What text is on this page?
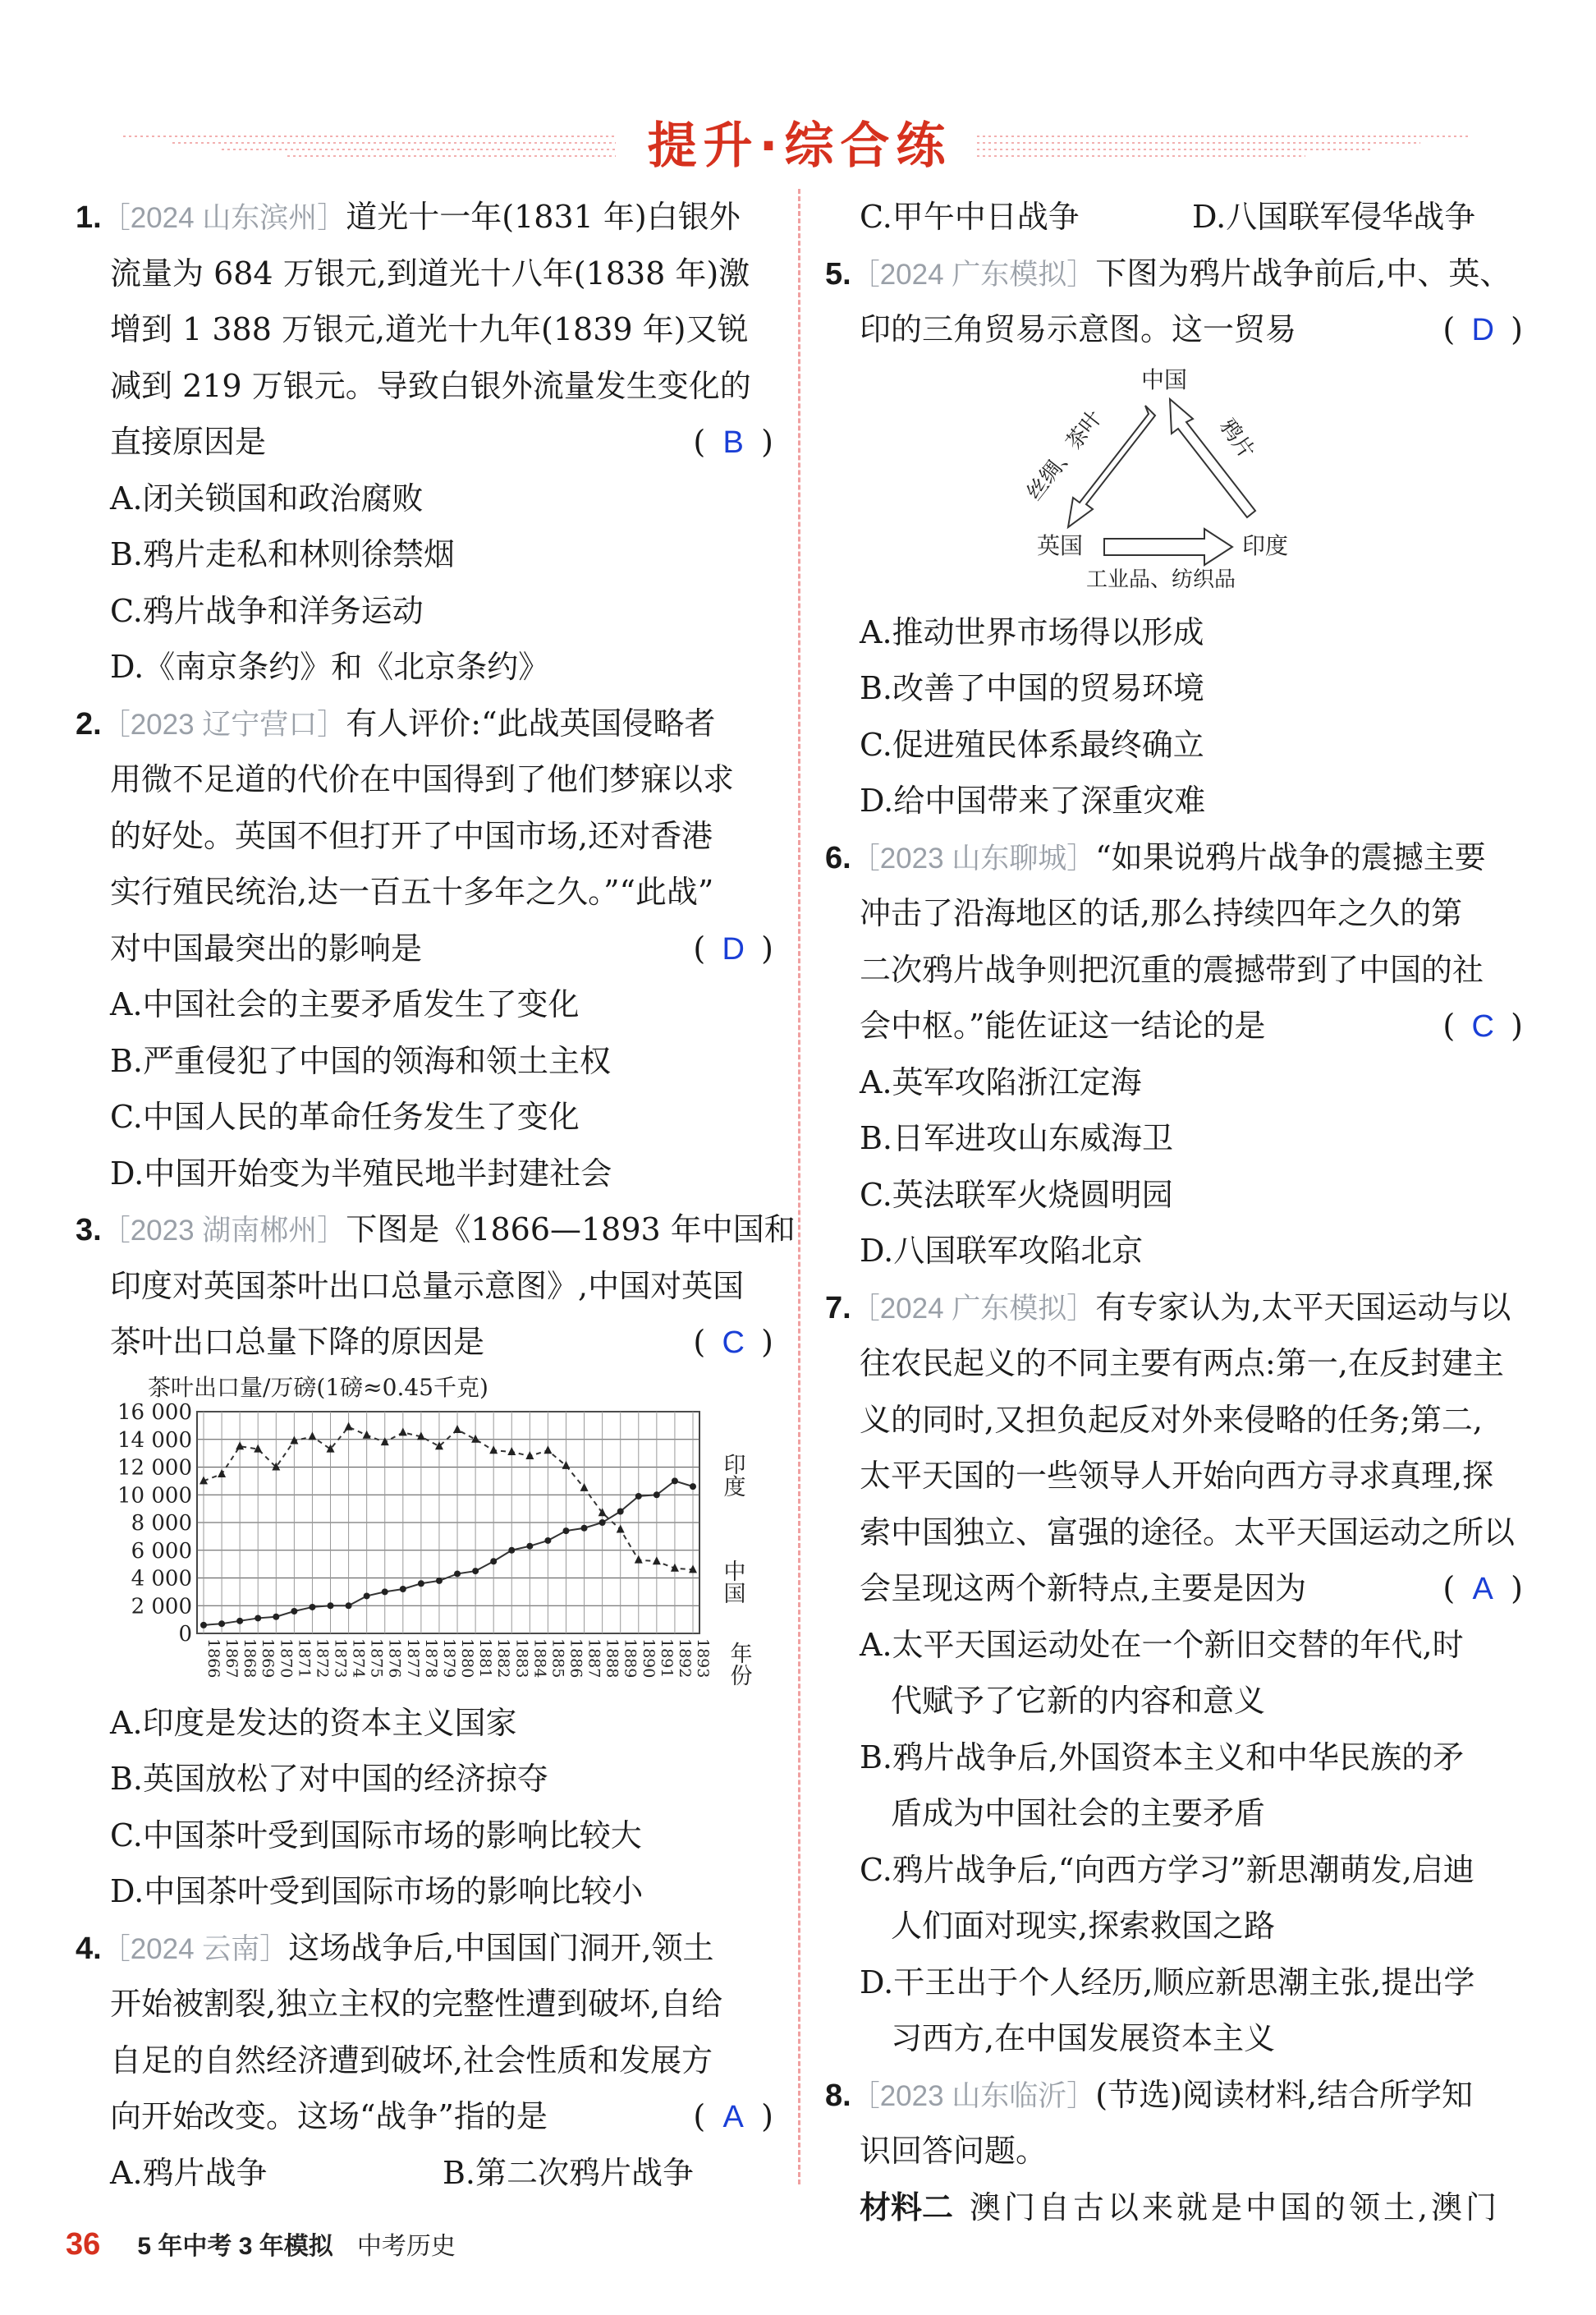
提升·综合练
1.［2024 山东滨州］道光十一年(1831 年)白银外
流量为 684 万银元,到道光十八年(1838 年)激
增到 1 388 万银元,道光十九年(1839 年)又锐
减到 219 万银元。导致白银外流量发生变化的
直接原因是	( B )
A.闭关锁国和政治腐败
B.鸦片走私和林则徐禁烟
C.鸦片战争和洋务运动
D.《南京条约》和《北京条约》
2.［2023 辽宁营口］有人评价:“此战英国侵略者
用微不足道的代价在中国得到了他们梦寐以求
的好处。英国不但打开了中国市场,还对香港
实行殖民统治,达一百五十多年之久。”“此战”
对中国最突出的影响是	( D )
A.中国社会的主要矛盾发生了变化
B.严重侵犯了中国的领海和领土主权
C.中国人民的革命任务发生了变化
D.中国开始变为半殖民地半封建社会
3.［2023 湖南郴州］下图是《1866—1893 年中国和
印度对英国茶叶出口总量示意图》,中国对英国
茶叶出口总量下降的原因是	( C )
茶叶出口量/万磅(1磅≈0.45千克)
16 000
14 000
12 000
10 000
8 000
6 000
4 000
2 000
0
1866 1867 1868 1869 1870 1871 1872 1873 1874 1875 1876 1877 1878 1879 1880 1881 1882 1883 1884 1885 1886 1887 1888 1889 1890 1891 1892 1893
印度
中国
年份
A.印度是发达的资本主义国家
B.英国放松了对中国的经济掠夺
C.中国茶叶受到国际市场的影响比较大
D.中国茶叶受到国际市场的影响比较小
4.［2024 云南］这场战争后,中国国门洞开,领土
开始被割裂,独立主权的完整性遭到破坏,自给
自足的自然经济遭到破坏,社会性质和发展方
向开始改变。这场“战争”指的是	( A )
A.鸦片战争	B.第二次鸦片战争
C.甲午中日战争	D.八国联军侵华战争
5.［2024 广东模拟］下图为鸦片战争前后,中、英、
印的三角贸易示意图。这一贸易	( D )
中国
英国	印度
丝绸、茶叶	鸦片
工业品、纺织品
A.推动世界市场得以形成
B.改善了中国的贸易环境
C.促进殖民体系最终确立
D.给中国带来了深重灾难
6.［2023 山东聊城］“如果说鸦片战争的震撼主要
冲击了沿海地区的话,那么持续四年之久的第
二次鸦片战争则把沉重的震撼带到了中国的社
会中枢。”能佐证这一结论的是	( C )
A.英军攻陷浙江定海
B.日军进攻山东威海卫
C.英法联军火烧圆明园
D.八国联军攻陷北京
7.［2024 广东模拟］有专家认为,太平天国运动与以
往农民起义的不同主要有两点:第一,在反封建主
义的同时,又担负起反对外来侵略的任务;第二,
太平天国的一些领导人开始向西方寻求真理,探
索中国独立、富强的途径。太平天国运动之所以
会呈现这两个新特点,主要是因为	( A )
A.太平天国运动处在一个新旧交替的年代,时
代赋予了它新的内容和意义
B.鸦片战争后,外国资本主义和中华民族的矛
盾成为中国社会的主要矛盾
C.鸦片战争后,“向西方学习”新思潮萌发,启迪
人们面对现实,探索救国之路
D.干王出于个人经历,顺应新思潮主张,提出学
习西方,在中国发展资本主义
8.［2023 山东临沂］(节选)阅读材料,结合所学知
识回答问题。
材料二 澳门自古以来就是中国的领土,澳门
36 5 年中考 3 年模拟 中考历史
